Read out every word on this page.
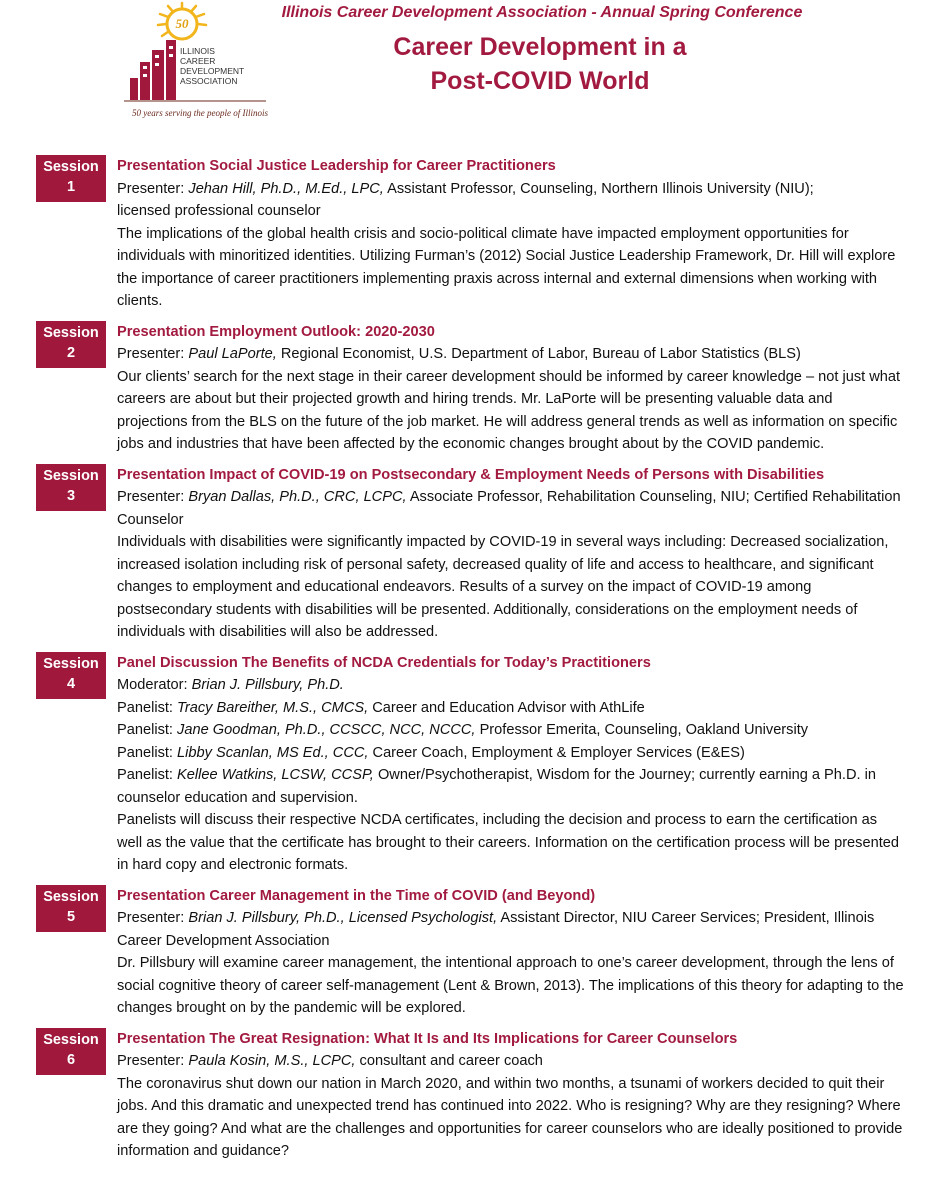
50
ILLINOIS
CAREER
DEVELOPMENT
ASSOCIATION
50 years serving the people of Illinois
Illinois Career Development Association - Annual Spring Conference
Career Development in a
Post-COVID World
Session
1
Presentation Social Justice Leadership for Career Practitioners
Presenter: Jehan Hill, Ph.D., M.Ed., LPC, Assistant Professor, Counseling, Northern Illinois University (NIU);
licensed professional counselor
The implications of the global health crisis and socio-political climate have impacted employment opportunities for individuals with minoritized identities. Utilizing Furman’s (2012) Social Justice Leadership Framework, Dr. Hill will explore the importance of career practitioners implementing praxis across internal and external dimensions when working with clients.
Session
2
Presentation Employment Outlook: 2020-2030
Presenter: Paul LaPorte, Regional Economist, U.S. Department of Labor, Bureau of Labor Statistics (BLS)
Our clients’ search for the next stage in their career development should be informed by career knowledge – not just what careers are about but their projected growth and hiring trends. Mr. LaPorte will be presenting valuable data and projections from the BLS on the future of the job market. He will address general trends as well as information on specific jobs and industries that have been affected by the economic changes brought about by the COVID pandemic.
Session
3
Presentation Impact of COVID-19 on Postsecondary & Employment Needs of Persons with Disabilities
Presenter: Bryan Dallas, Ph.D., CRC, LCPC, Associate Professor, Rehabilitation Counseling, NIU; Certified Rehabilitation Counselor
Individuals with disabilities were significantly impacted by COVID-19 in several ways including: Decreased socialization, increased isolation including risk of personal safety, decreased quality of life and access to healthcare, and significant changes to employment and educational endeavors. Results of a survey on the impact of COVID-19 among postsecondary students with disabilities will be presented. Additionally, considerations on the employment needs of individuals with disabilities will also be addressed.
Session
4
Panel Discussion The Benefits of NCDA Credentials for Today’s Practitioners
Moderator: Brian J. Pillsbury, Ph.D.
Panelist: Tracy Bareither, M.S., CMCS, Career and Education Advisor with AthLife
Panelist: Jane Goodman, Ph.D., CCSCC, NCC, NCCC, Professor Emerita, Counseling, Oakland University
Panelist: Libby Scanlan, MS Ed., CCC, Career Coach, Employment & Employer Services (E&ES)
Panelist: Kellee Watkins, LCSW, CCSP, Owner/Psychotherapist, Wisdom for the Journey; currently earning a Ph.D. in counselor education and supervision.
Panelists will discuss their respective NCDA certificates, including the decision and process to earn the certification as well as the value that the certificate has brought to their careers. Information on the certification process will be presented in hard copy and electronic formats.
Session
5
Presentation Career Management in the Time of COVID (and Beyond)
Presenter: Brian J. Pillsbury, Ph.D., Licensed Psychologist, Assistant Director, NIU Career Services; President, Illinois Career Development Association
Dr. Pillsbury will examine career management, the intentional approach to one’s career development, through the lens of social cognitive theory of career self-management (Lent & Brown, 2013). The implications of this theory for adapting to the changes brought on by the pandemic will be explored.
Session
6
Presentation The Great Resignation: What It Is and Its Implications for Career Counselors
Presenter: Paula Kosin, M.S., LCPC, consultant and career coach
The coronavirus shut down our nation in March 2020, and within two months, a tsunami of workers decided to quit their jobs. And this dramatic and unexpected trend has continued into 2022. Who is resigning? Why are they resigning? Where are they going? And what are the challenges and opportunities for career counselors who are ideally positioned to provide information and guidance?
